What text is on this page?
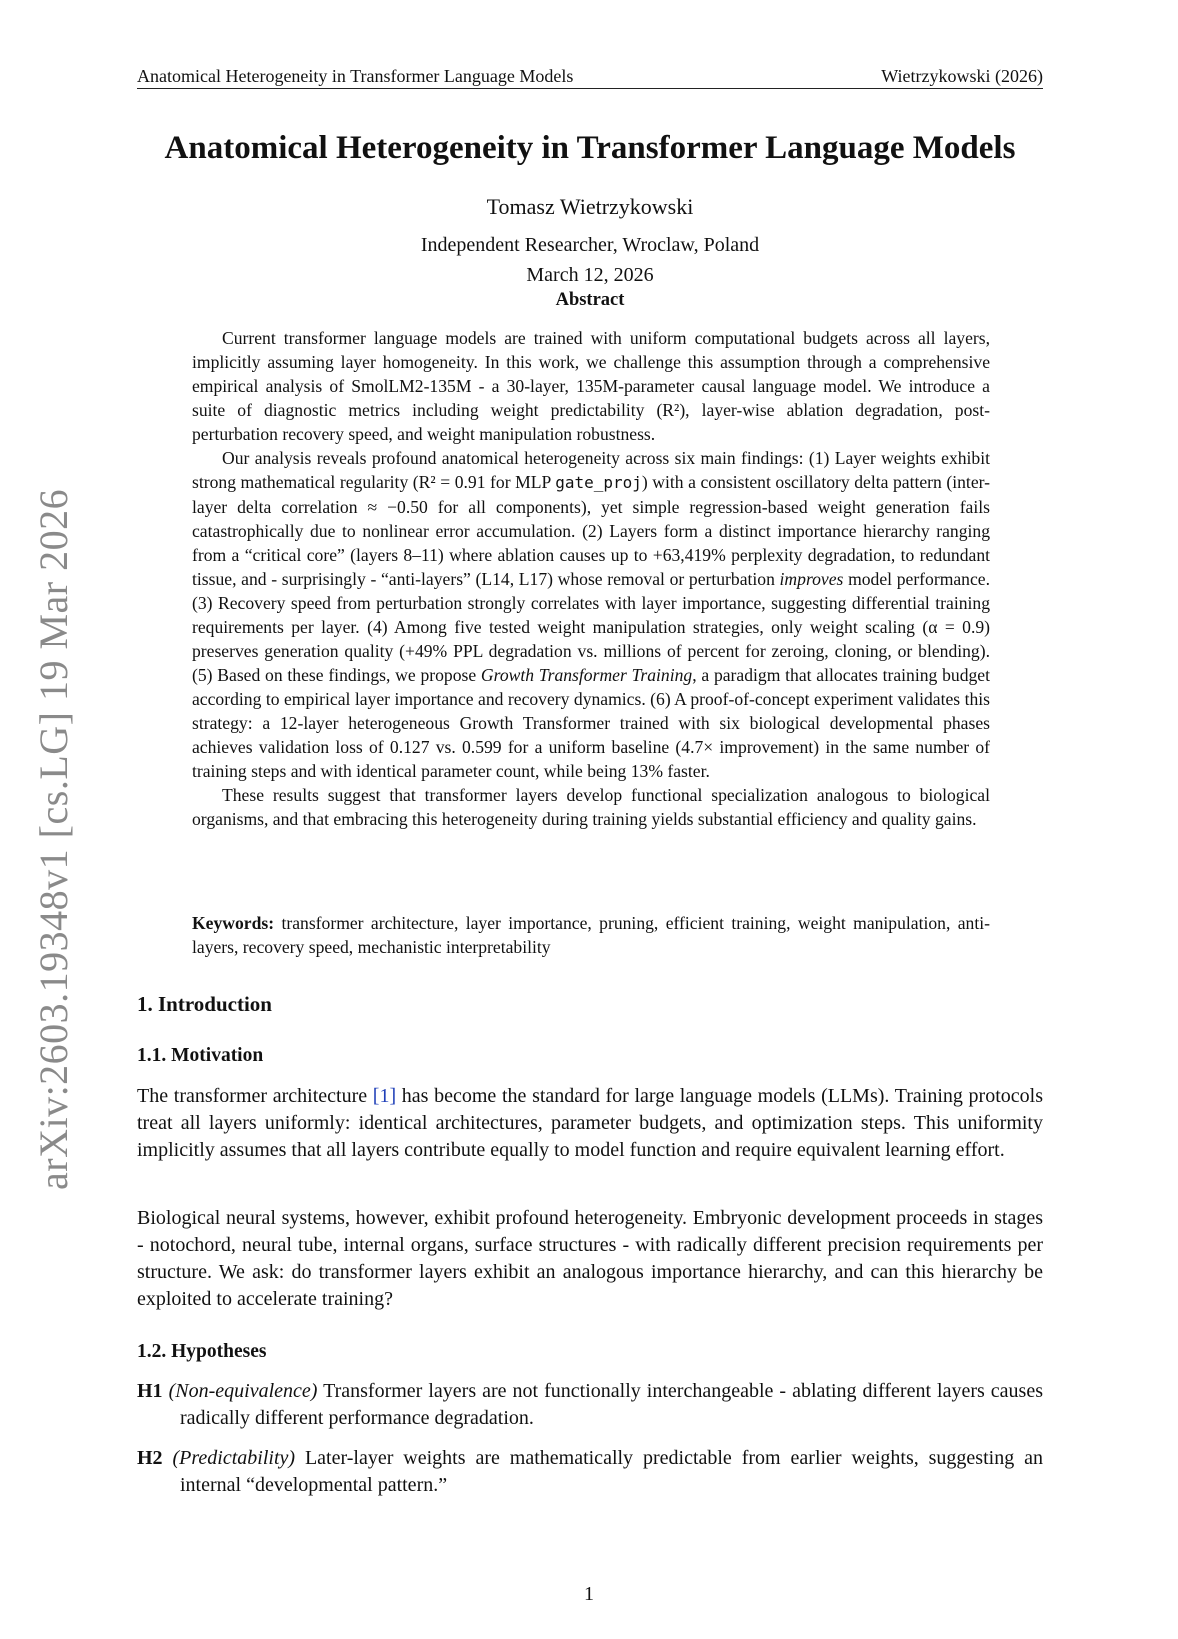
Anatomical Heterogeneity in Transformer Language Models	Wietrzykowski (2026)
arXiv:2603.19348v1 [cs.LG] 19 Mar 2026
Anatomical Heterogeneity in Transformer Language Models
Tomasz Wietrzykowski
Independent Researcher, Wroclaw, Poland
March 12, 2026
Abstract

Current transformer language models are trained with uniform computational budgets across all layers, implicitly assuming layer homogeneity. In this work, we challenge this assumption through a comprehensive empirical analysis of SmolLM2-135M - a 30-layer, 135M-parameter causal language model. We introduce a suite of diagnostic metrics including weight predictability (R²), layer-wise ablation degradation, post-perturbation recovery speed, and weight manipulation robustness.

Our analysis reveals profound anatomical heterogeneity across six main findings: (1) Layer weights exhibit strong mathematical regularity (R² = 0.91 for MLP gate_proj) with a consistent oscillatory delta pattern (inter-layer delta correlation ≈ −0.50 for all components), yet simple regression-based weight generation fails catastrophically due to nonlinear error accumulation. (2) Layers form a distinct importance hierarchy ranging from a “critical core” (layers 8–11) where ablation causes up to +63,419% perplexity degradation, to redundant tissue, and - surprisingly - “anti-layers” (L14, L17) whose removal or perturbation improves model performance. (3) Recovery speed from perturbation strongly correlates with layer importance, suggesting differential training requirements per layer. (4) Among five tested weight manipulation strategies, only weight scaling (α = 0.9) preserves generation quality (+49% PPL degradation vs. millions of percent for zeroing, cloning, or blending). (5) Based on these findings, we propose Growth Transformer Training, a paradigm that allocates training budget according to empirical layer importance and recovery dynamics. (6) A proof-of-concept experiment validates this strategy: a 12-layer heterogeneous Growth Transformer trained with six biological developmental phases achieves validation loss of 0.127 vs. 0.599 for a uniform baseline (4.7× improvement) in the same number of training steps and with identical parameter count, while being 13% faster.

These results suggest that transformer layers develop functional specialization analogous to biological organisms, and that embracing this heterogeneity during training yields substantial efficiency and quality gains.

Keywords: transformer architecture, layer importance, pruning, efficient training, weight manipulation, anti-layers, recovery speed, mechanistic interpretability
1. Introduction
1.1. Motivation

The transformer architecture [1] has become the standard for large language models (LLMs). Training protocols treat all layers uniformly: identical architectures, parameter budgets, and optimization steps. This uniformity implicitly assumes that all layers contribute equally to model function and require equivalent learning effort.

Biological neural systems, however, exhibit profound heterogeneity. Embryonic development proceeds in stages - notochord, neural tube, internal organs, surface structures - with radically different precision requirements per structure. We ask: do transformer layers exhibit an analogous importance hierarchy, and can this hierarchy be exploited to accelerate training?

1.2. Hypotheses
H1 (Non-equivalence) Transformer layers are not functionally interchangeable - ablating different layers causes radically different performance degradation.
H2 (Predictability) Later-layer weights are mathematically predictable from earlier weights, suggesting an internal “developmental pattern.”
1
